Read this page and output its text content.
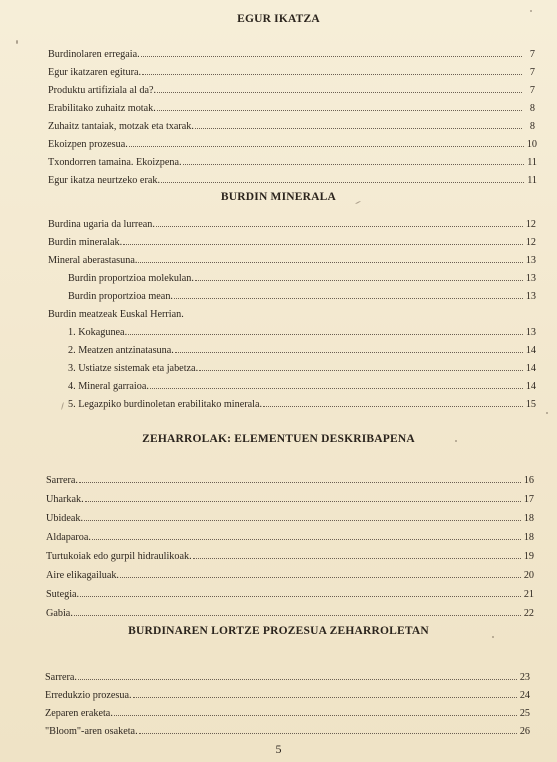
EGUR IKATZA
Burdinolaren erregaia.	7
Egur ikatzaren egitura.	7
Produktu artifiziala al da?.	7
Erabilitako zuhaitz motak.	8
Zuhaitz tantaiak, motzak eta txarak.	8
Ekoizpen prozesua.	10
Txondorren tamaina. Ekoizpena.	11
Egur ikatza neurtzeko erak.	11
BURDIN MINERALA
Burdina ugaria da lurrean.	12
Burdin mineralak.	12
Mineral aberastasuna.	13
Burdin proportzioa molekulan.	13
Burdin proportzioa mean.	13
Burdin meatzeak Euskal Herrian.
1. Kokagunea.	13
2. Meatzen antzinatasuna.	14
3. Ustiatze sistemak eta jabetza.	14
4. Mineral garraioa.	14
5. Legazpiko burdinoletan erabilitako minerala.	15
ZEHARROLAK: ELEMENTUEN DESKRIBAPENA
Sarrera.	16
Uharkak.	17
Ubideak.	18
Aldaparoa.	18
Turtukoiak edo gurpil hidraulikoak.	19
Aire elikagailuak.	20
Sutegia.	21
Gabia.	22
BURDINAREN LORTZE PROZESUA ZEHARROLETAN
Sarrera.	23
Erredukzio prozesua.	24
Zeparen eraketa.	25
"Bloom"-aren osaketa.	26
5
